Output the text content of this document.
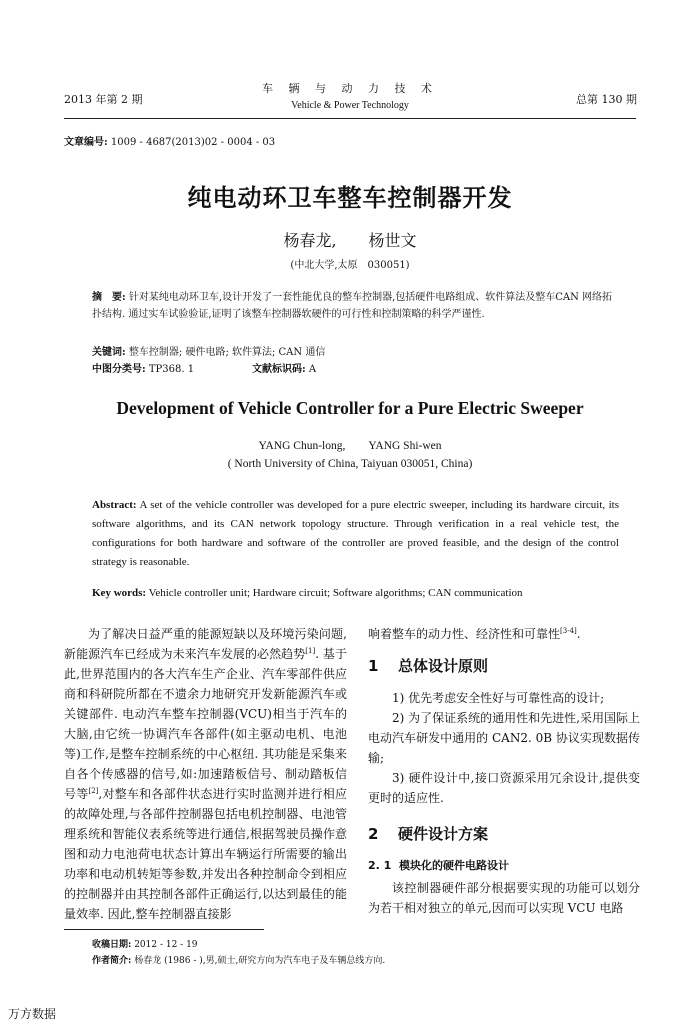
2013 年第 2 期
车 辆 与 动 力 技 术
Vehicle & Power Technology	总第 130 期
文章编号: 1009 - 4687(2013)02 - 0004 - 03
纯电动环卫车整车控制器开发
杨春龙,　　杨世文
(中北大学,太原　030051)
摘　要: 针对某纯电动环卫车,设计开发了一套性能优良的整车控制器,包括硬件电路组成、软件算法及整车CAN 网络拓扑结构. 通过实车试验验证,证明了该整车控制器软硬件的可行性和控制策略的科学严谨性.
关键词: 整车控制器; 硬件电路; 软件算法; CAN 通信
中图分类号: TP368. 1	文献标识码: A
Development of Vehicle Controller for a Pure Electric Sweeper
YANG Chun-long,　　YANG Shi-wen
( North University of China, Taiyuan 030051, China)
Abstract: A set of the vehicle controller was developed for a pure electric sweeper, including its hardware circuit, its software algorithms, and its CAN network topology structure. Through verification in a real vehicle test, the configurations for both hardware and software of the controller are proved feasible, and the design of the control strategy is reasonable.
Key words: Vehicle controller unit; Hardware circuit; Software algorithms; CAN communication

为了解决日益严重的能源短缺以及环境污染问题,新能源汽车已经成为未来汽车发展的必然趋势[1]. 基于此,世界范围内的各大汽车生产企业、汽车零部件供应商和科研院所都在不遗余力地研究开发新能源汽车或关键部件. 电动汽车整车控制器(VCU)相当于汽车的大脑,由它统一协调汽车各部件(如主驱动电机、电池等)工作,是整车控制系统的中心枢纽. 其功能是采集来自各个传感器的信号,如:加速踏板信号、制动踏板信号等[2],对整车和各部件状态进行实时监测并进行相应的故障处理,与各部件控制器包括电机控制器、电池管理系统和智能仪表系统等进行通信,根据驾驶员操作意图和动力电池荷电状态计算出车辆运行所需要的输出功率和电动机转矩等参数,并发出各种控制命令到相应的控制器并由其控制各部件正确运行,以达到最佳的能量效率. 因此,整车控制器直接影

响着整车的动力性、经济性和可靠性[3-4].

1 总体设计原则

1) 优先考虑安全性好与可靠性高的设计;

2) 为了保证系统的通用性和先进性,采用国际上电动汽车研发中通用的 CAN2. 0B 协议实现数据传输;

3) 硬件设计中,接口资源采用冗余设计,提供变更时的适应性.

2 硬件设计方案
2. 1 模块化的硬件电路设计

该控制器硬件部分根据要实现的功能可以划分为若干相对独立的单元,因而可以实现 VCU 电路

收稿日期: 2012 - 12 - 19
作者简介: 杨春龙 (1986 - ),男,硕士,研究方向为汽车电子及车辆总线方向.
万方数据
